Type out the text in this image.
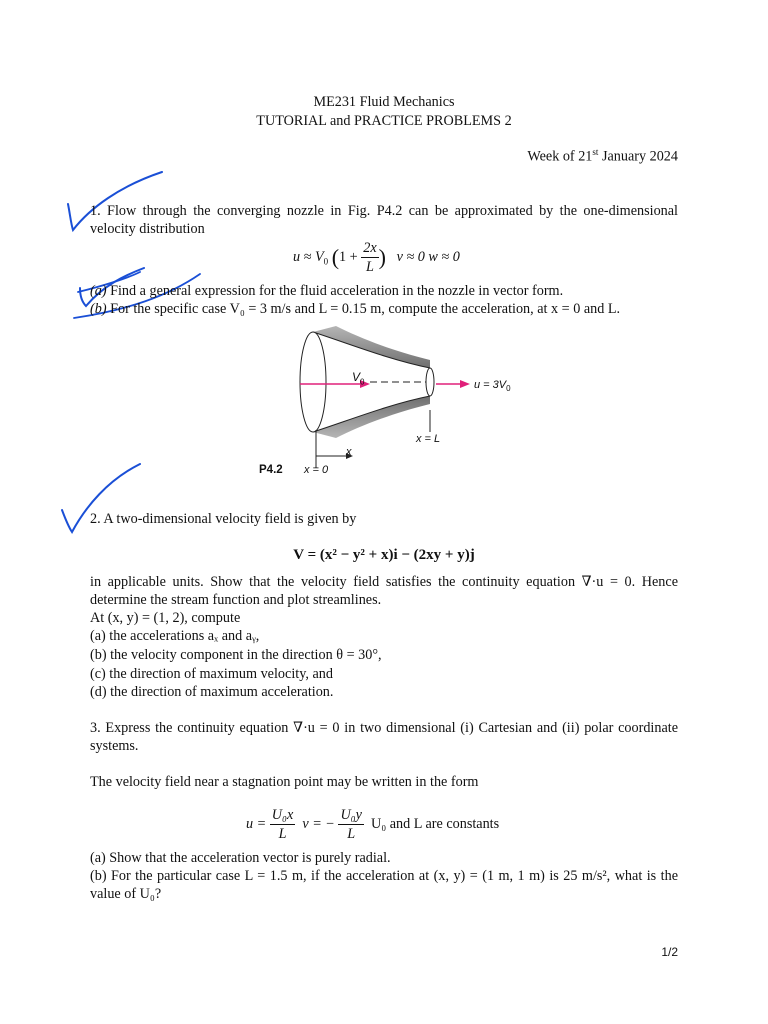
ME231 Fluid Mechanics
TUTORIAL and PRACTICE PROBLEMS 2
Week of 21st January 2024
1. Flow through the converging nozzle in Fig. P4.2 can be approximated by the one-dimensional velocity distribution
$u \approx V_0$ ($1 + \frac{2x}{L}$ ) v ≈ 0 w ≈ 0
(a) Find a general expression for the fluid acceleration in the nozzle in vector form.
(b) For the specific case V₀ = 3 m/s and L = 0.15 m, compute the acceleration, at x = 0 and L.
$V_0$	$u = 3V_0$
x = L
x
x = 0
P4.2
2. A two-dimensional velocity field is given by
V = (x² − y² + x)i − (2xy + y)j
in applicable units. Show that the velocity field satisfies the continuity equation ∇·u = 0. Hence determine the stream function and plot streamlines.
At (x, y) = (1, 2), compute
(a) the accelerations aₓ and aᵧ,
(b) the velocity component in the direction θ = 30°,
(c) the direction of maximum velocity, and
(d) the direction of maximum acceleration.
3. Express the continuity equation ∇·u = 0 in two dimensional (i) Cartesian and (ii) polar coordinate systems.
The velocity field near a stagnation point may be written in the form
$u = \frac{\text{U₀x}}{L}$ v = − $\frac{\text{U₀y}}{L} U_0$ and L are constants
(a) Show that the acceleration vector is purely radial.
(b) For the particular case L = 1.5 m, if the acceleration at (x, y) = (1 m, 1 m) is 25 m/s², what is the value of U₀?
1/2
